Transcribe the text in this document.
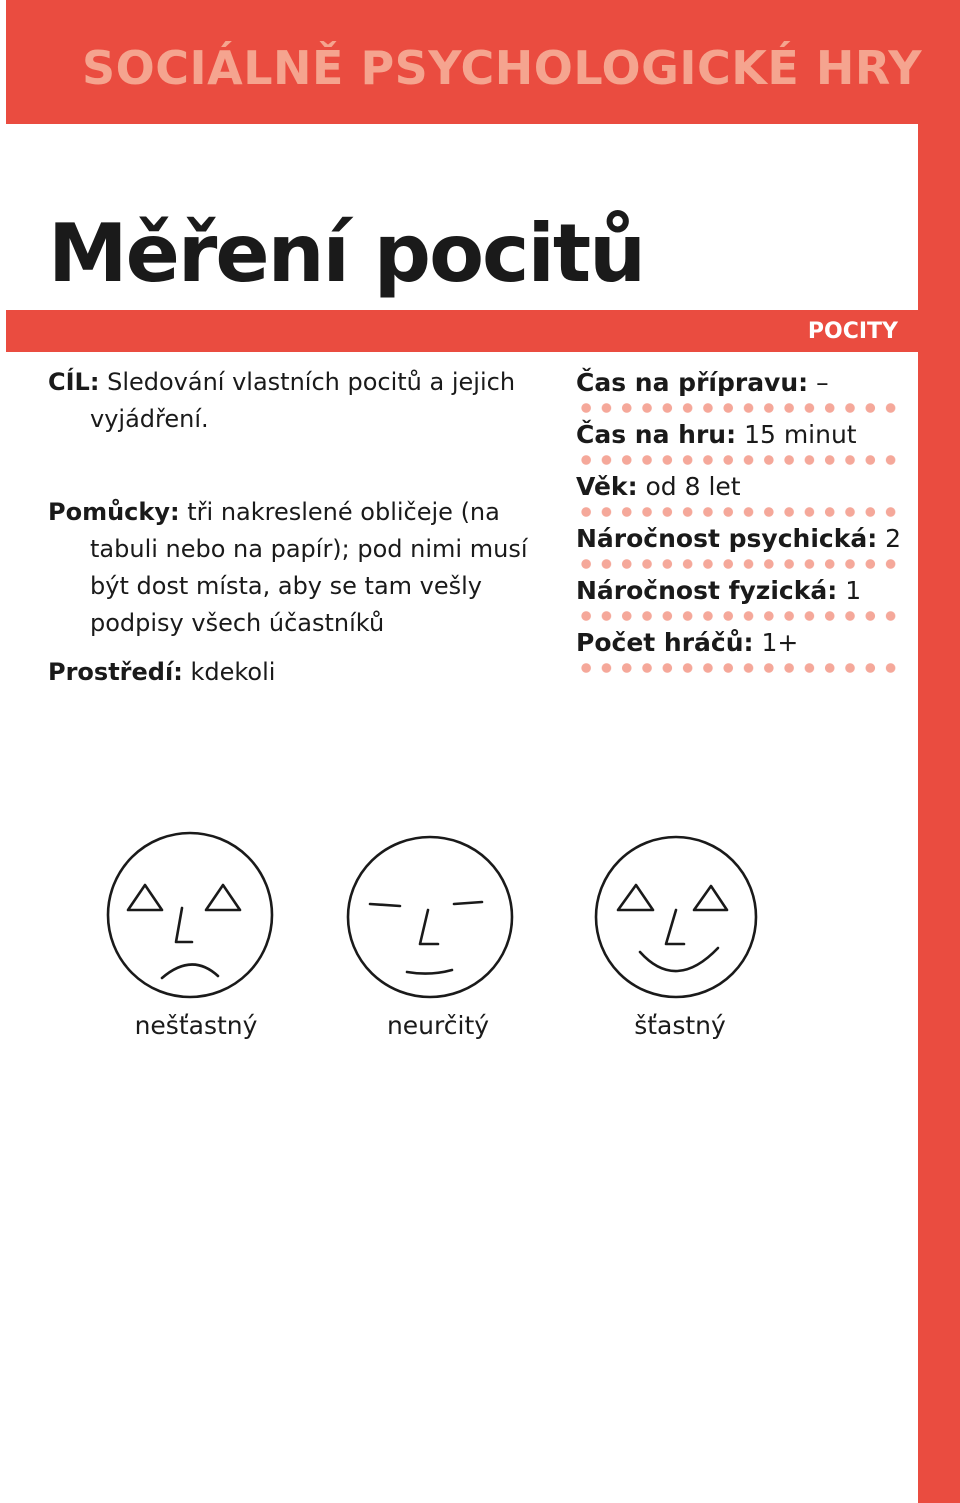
SOCIÁLNĚ PSYCHOLOGICKÉ HRY
Měření pocitů
POCITY

CÍL: Sledování vlastních pocitů a jejich vyjádření.

Pomůcky: tři nakreslené obličeje (na tabuli nebo na papír); pod nimi musí být dost místa, aby se tam vešly podpisy všech účastníků

Prostředí: kdekoli

Čas na přípravu: –
Čas na hru: 15 minut
Věk: od 8 let
Náročnost psychická: 2
Náročnost fyzická: 1
Počet hráčů: 1+
nešťastný	neurčitý	šťastný
